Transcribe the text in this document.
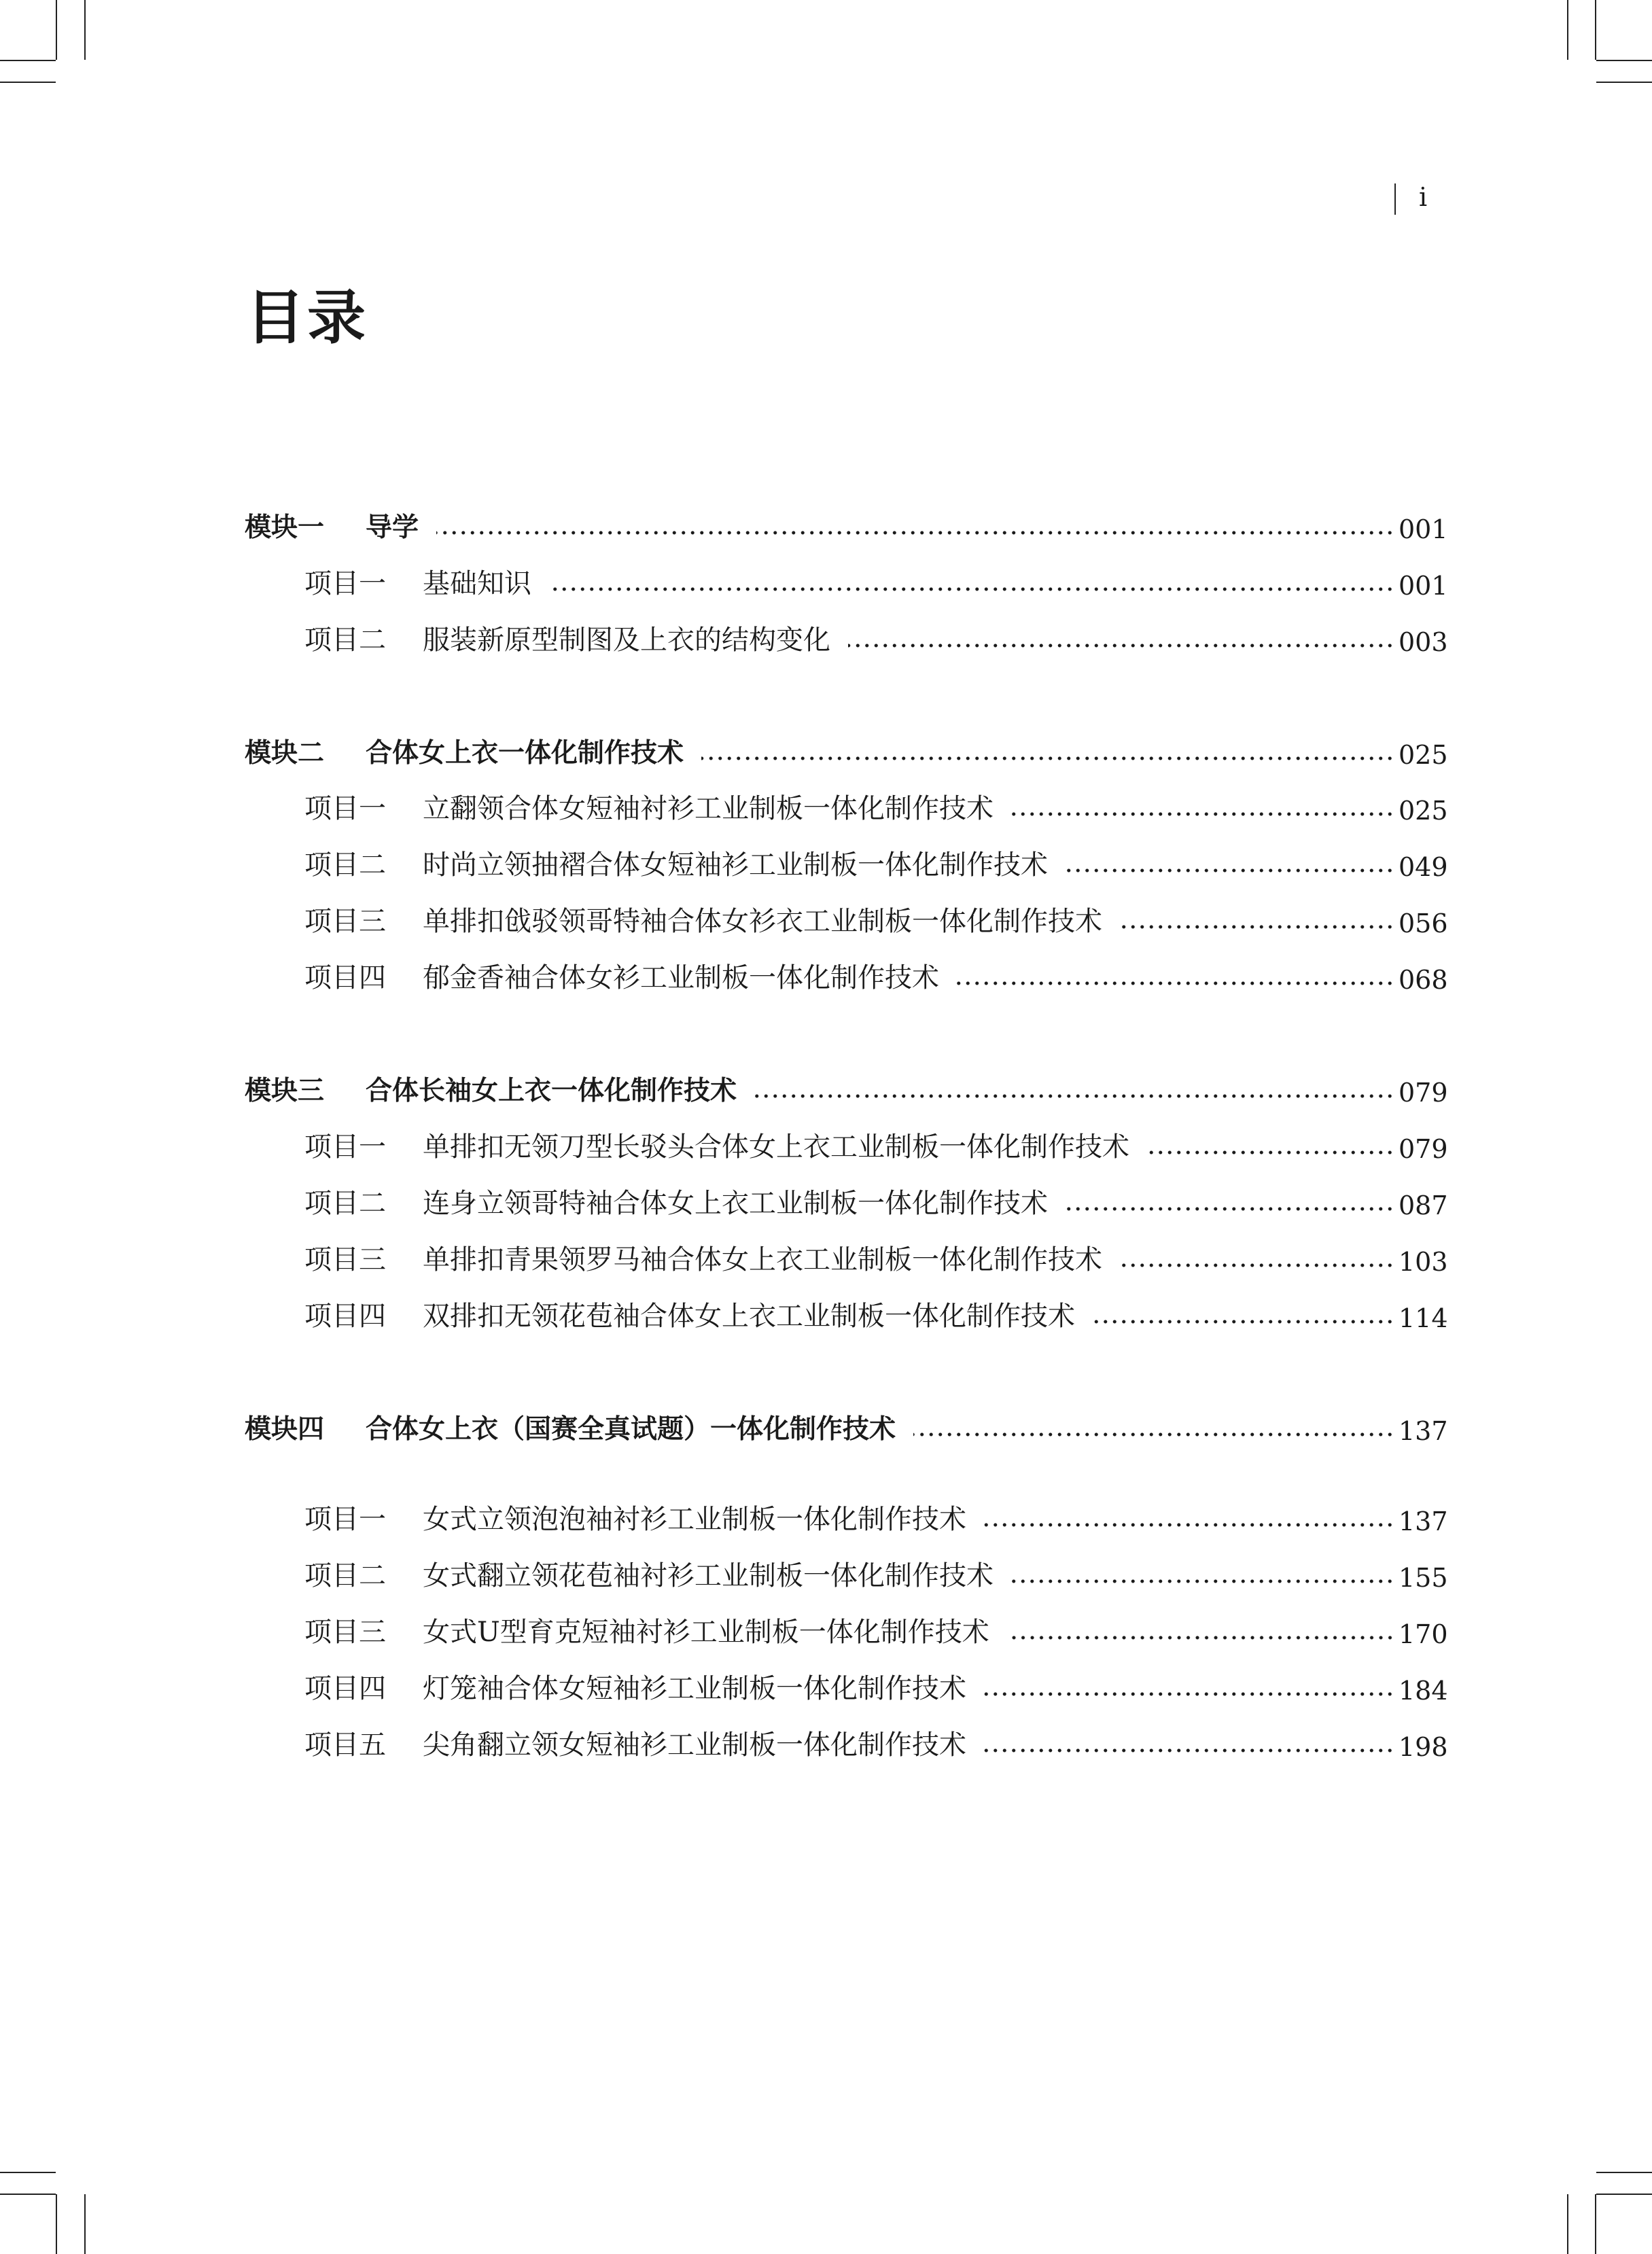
i
目录
模块一	导学	001
项目一	基础知识	001
项目二	服装新原型制图及上衣的结构变化	003
模块二	合体女上衣一体化制作技术	025
项目一	立翻领合体女短袖衬衫工业制板一体化制作技术	025
项目二	时尚立领抽褶合体女短袖衫工业制板一体化制作技术	049
项目三	单排扣戗驳领哥特袖合体女衫衣工业制板一体化制作技术	056
项目四	郁金香袖合体女衫工业制板一体化制作技术	068
模块三	合体长袖女上衣一体化制作技术	079
项目一	单排扣无领刀型长驳头合体女上衣工业制板一体化制作技术	079
项目二	连身立领哥特袖合体女上衣工业制板一体化制作技术	087
项目三	单排扣青果领罗马袖合体女上衣工业制板一体化制作技术	103
项目四	双排扣无领花苞袖合体女上衣工业制板一体化制作技术	114
模块四	合体女上衣（国赛全真试题）一体化制作技术	137
项目一	女式立领泡泡袖衬衫工业制板一体化制作技术	137
项目二	女式翻立领花苞袖衬衫工业制板一体化制作技术	155
项目三	女式U型育克短袖衬衫工业制板一体化制作技术	170
项目四	灯笼袖合体女短袖衫工业制板一体化制作技术	184
项目五	尖角翻立领女短袖衫工业制板一体化制作技术	198
